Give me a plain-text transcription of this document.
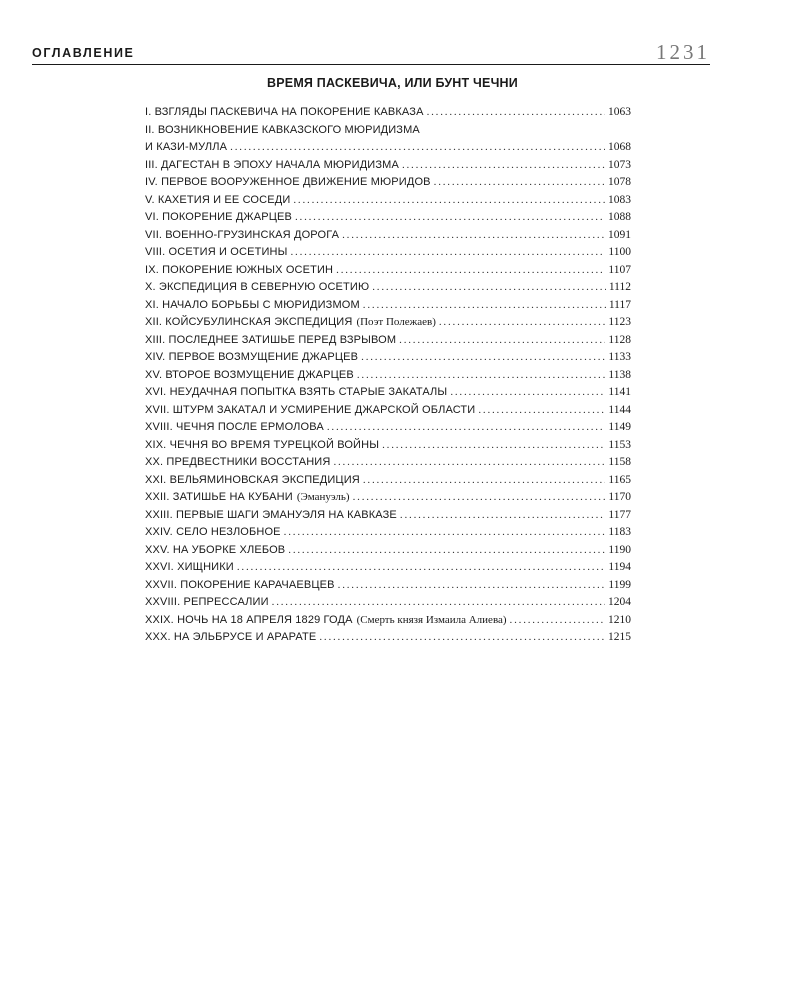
ОГЛАВЛЕНИЕ	1231
ВРЕМЯ ПАСКЕВИЧА, ИЛИ БУНТ ЧЕЧНИ
I. ВЗГЛЯДЫ ПАСКЕВИЧА НА ПОКОРЕНИЕ КАВКАЗА .....	1063
II. ВОЗНИКНОВЕНИЕ КАВКАЗСКОГО МЮРИДИЗМА
И КАЗИ-МУЛЛА .....	1068
III. ДАГЕСТАН В ЭПОХУ НАЧАЛА МЮРИДИЗМА .....	1073
IV. ПЕРВОЕ ВООРУЖЕННОЕ ДВИЖЕНИЕ МЮРИДОВ .....	1078
V. КАХЕТИЯ И ЕЕ СОСЕДИ .....	1083
VI. ПОКОРЕНИЕ ДЖАРЦЕВ .....	1088
VII. ВОЕННО-ГРУЗИНСКАЯ ДОРОГА .....	1091
VIII. ОСЕТИЯ И ОСЕТИНЫ .....	1100
IX. ПОКОРЕНИЕ ЮЖНЫХ ОСЕТИН .....	1107
X. ЭКСПЕДИЦИЯ В СЕВЕРНУЮ ОСЕТИЮ .....	1112
XI. НАЧАЛО БОРЬБЫ С МЮРИДИЗМОМ .....	1117
XII. КОЙСУБУЛИНСКАЯ ЭКСПЕДИЦИЯ (Поэт Полежаев) .....	1123
XIII. ПОСЛЕДНЕЕ ЗАТИШЬЕ ПЕРЕД ВЗРЫВОМ .....	1128
XIV. ПЕРВОЕ ВОЗМУЩЕНИЕ ДЖАРЦЕВ .....	1133
XV. ВТОРОЕ ВОЗМУЩЕНИЕ ДЖАРЦЕВ .....	1138
XVI. НЕУДАЧНАЯ ПОПЫТКА ВЗЯТЬ СТАРЫЕ ЗАКАТАЛЫ .....	1141
XVII. ШТУРМ ЗАКАТАЛ И УСМИРЕНИЕ ДЖАРСКОЙ ОБЛАСТИ .....	1144
XVIII. ЧЕЧНЯ ПОСЛЕ ЕРМОЛОВА .....	1149
XIX. ЧЕЧНЯ ВО ВРЕМЯ ТУРЕЦКОЙ ВОЙНЫ .....	1153
XX. ПРЕДВЕСТНИКИ ВОССТАНИЯ .....	1158
XXI. ВЕЛЬЯМИНОВСКАЯ ЭКСПЕДИЦИЯ .....	1165
XXII. ЗАТИШЬЕ НА КУБАНИ (Эмануэль) .....	1170
XXIII. ПЕРВЫЕ ШАГИ ЭМАНУЭЛЯ НА КАВКАЗЕ .....	1177
XXIV. СЕЛО НЕЗЛОБНОЕ .....	1183
XXV. НА УБОРКЕ ХЛЕБОВ .....	1190
XXVI. ХИЩНИКИ .....	1194
XXVII. ПОКОРЕНИЕ КАРАЧАЕВЦЕВ .....	1199
XXVIII. РЕПРЕССАЛИИ .....	1204
XXIX. НОЧЬ НА 18 АПРЕЛЯ 1829 ГОДА (Смерть князя Измаила Алиева) .....	1210
XXX. НА ЭЛЬБРУСЕ И АРАРАТЕ .....	1215
